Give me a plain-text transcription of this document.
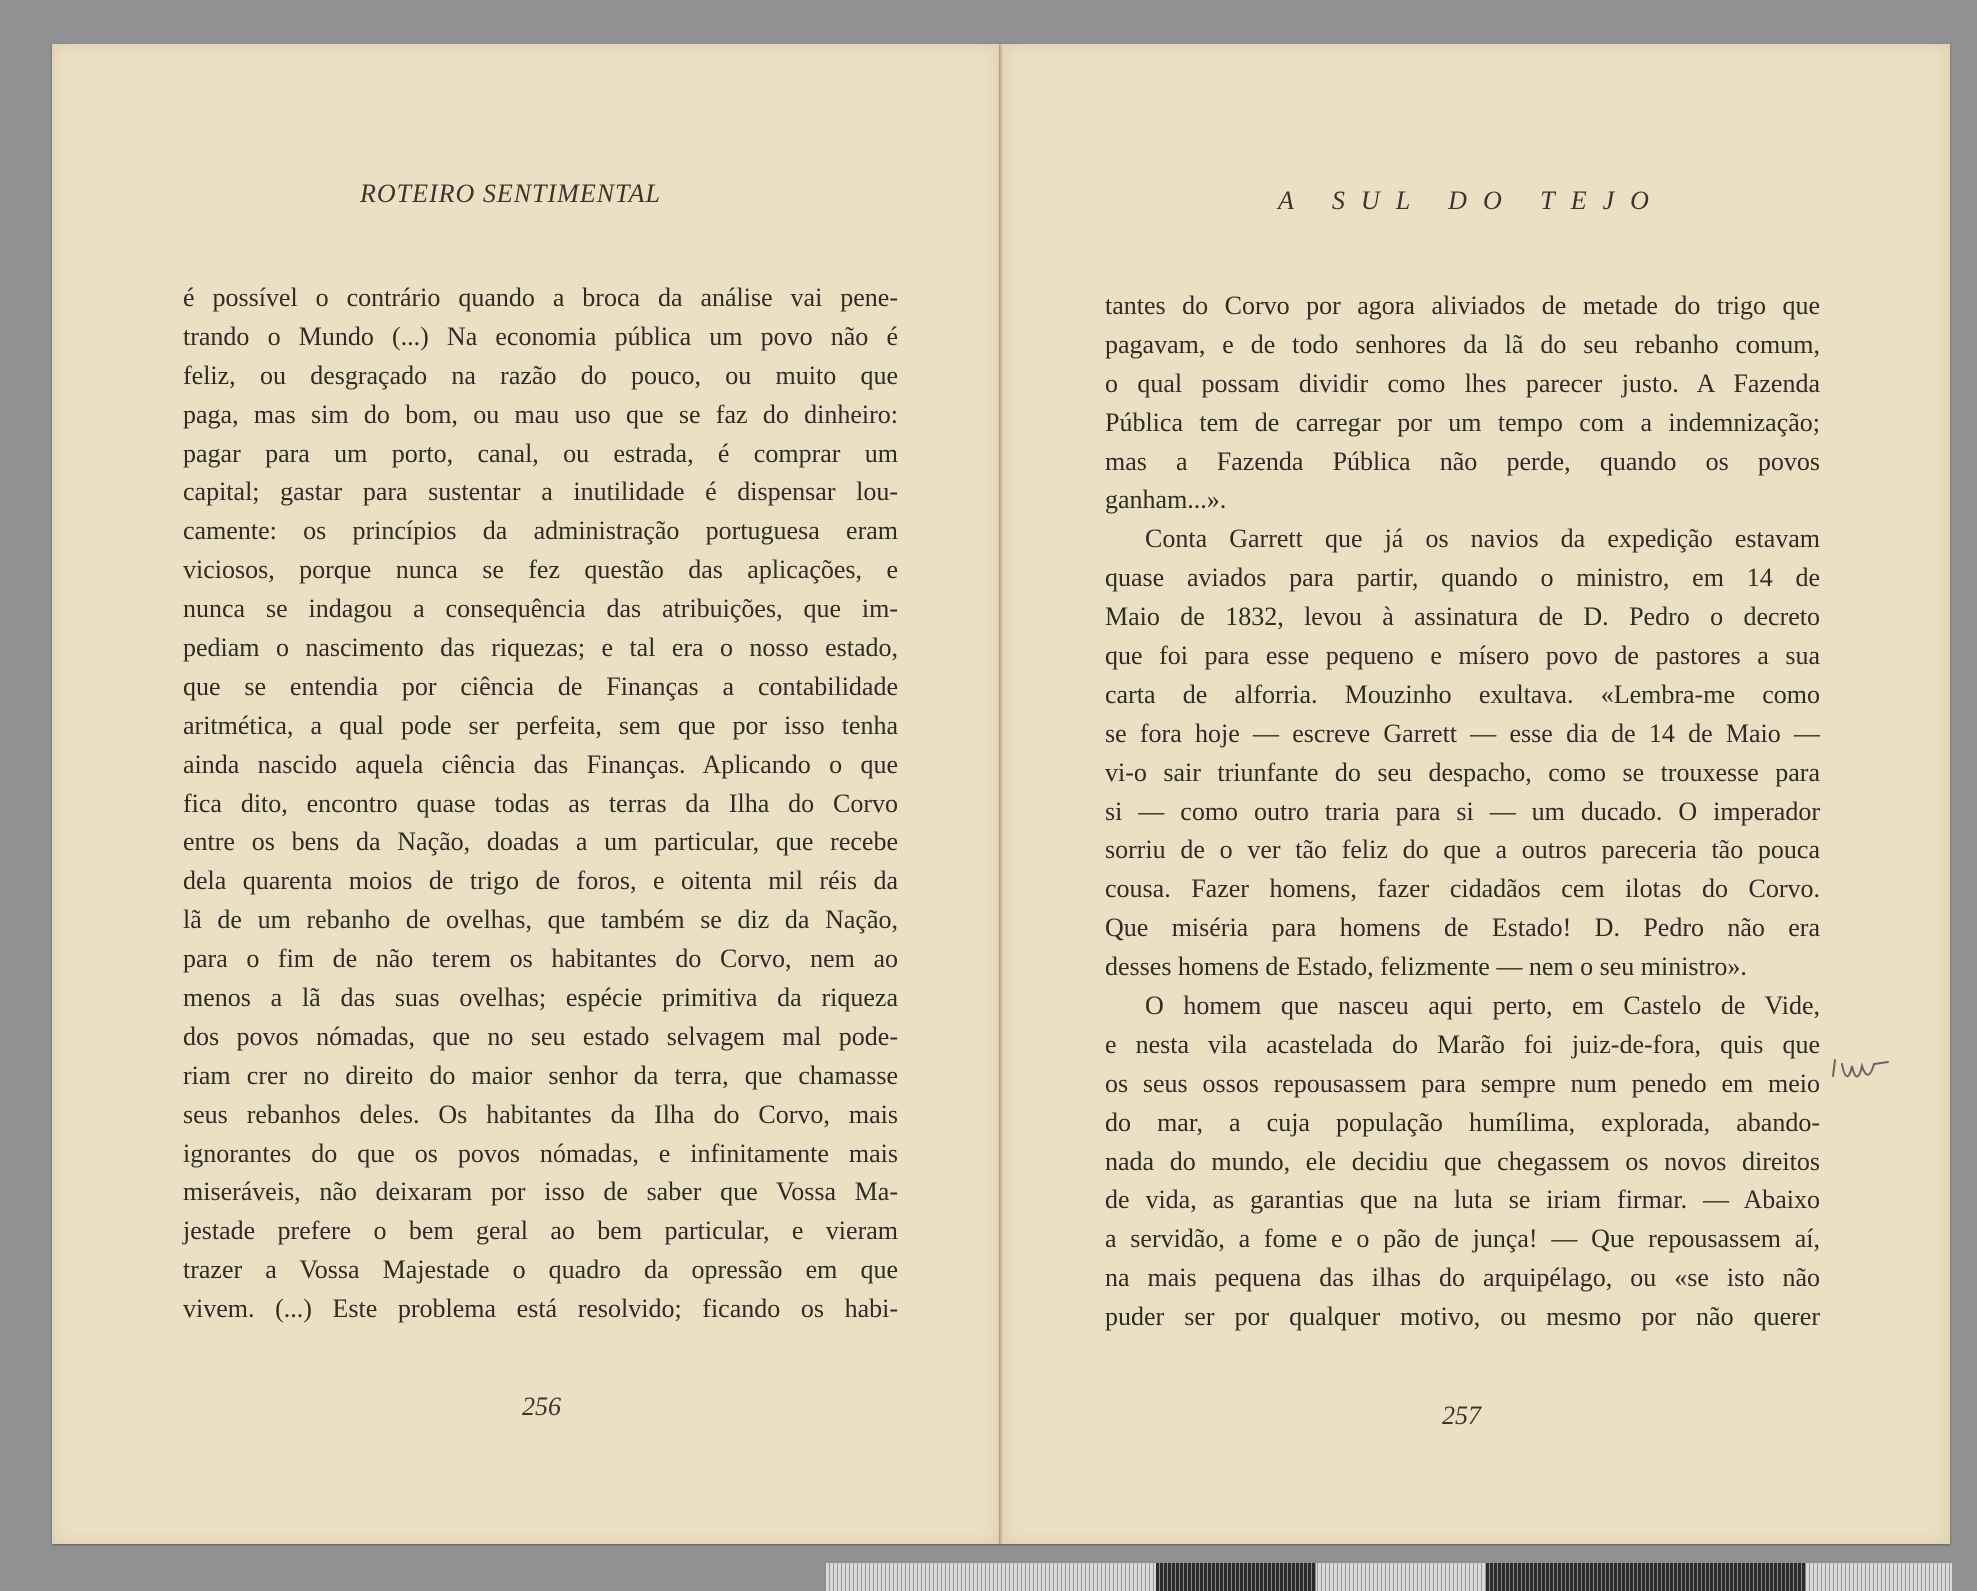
ROTEIRO SENTIMENTAL
é possível o contrário quando a broca da análise vai pene-
trando o Mundo (...) Na economia pública um povo não é
feliz, ou desgraçado na razão do pouco, ou muito que
paga, mas sim do bom, ou mau uso que se faz do dinheiro:
pagar para um porto, canal, ou estrada, é comprar um
capital; gastar para sustentar a inutilidade é dispensar lou-
camente: os princípios da administração portuguesa eram
viciosos, porque nunca se fez questão das aplicações, e
nunca se indagou a consequência das atribuições, que im-
pediam o nascimento das riquezas; e tal era o nosso estado,
que se entendia por ciência de Finanças a contabilidade
aritmética, a qual pode ser perfeita, sem que por isso tenha
ainda nascido aquela ciência das Finanças. Aplicando o que
fica dito, encontro quase todas as terras da Ilha do Corvo
entre os bens da Nação, doadas a um particular, que recebe
dela quarenta moios de trigo de foros, e oitenta mil réis da
lã de um rebanho de ovelhas, que também se diz da Nação,
para o fim de não terem os habitantes do Corvo, nem ao
menos a lã das suas ovelhas; espécie primitiva da riqueza
dos povos nómadas, que no seu estado selvagem mal pode-
riam crer no direito do maior senhor da terra, que chamasse
seus rebanhos deles. Os habitantes da Ilha do Corvo, mais
ignorantes do que os povos nómadas, e infinitamente mais
miseráveis, não deixaram por isso de saber que Vossa Ma-
jestade prefere o bem geral ao bem particular, e vieram
trazer a Vossa Majestade o quadro da opressão em que
vivem. (...) Este problema está resolvido; ficando os habi-
256
A SUL DO TEJO
tantes do Corvo por agora aliviados de metade do trigo que
pagavam, e de todo senhores da lã do seu rebanho comum,
o qual possam dividir como lhes parecer justo. A Fazenda
Pública tem de carregar por um tempo com a indemnização;
mas a Fazenda Pública não perde, quando os povos
ganham...».
Conta Garrett que já os navios da expedição estavam
quase aviados para partir, quando o ministro, em 14 de
Maio de 1832, levou à assinatura de D. Pedro o decreto
que foi para esse pequeno e mísero povo de pastores a sua
carta de alforria. Mouzinho exultava. «Lembra-me como
se fora hoje — escreve Garrett — esse dia de 14 de Maio —
vi-o sair triunfante do seu despacho, como se trouxesse para
si — como outro traria para si — um ducado. O imperador
sorriu de o ver tão feliz do que a outros pareceria tão pouca
cousa. Fazer homens, fazer cidadãos cem ilotas do Corvo.
Que miséria para homens de Estado! D. Pedro não era
desses homens de Estado, felizmente — nem o seu ministro».
O homem que nasceu aqui perto, em Castelo de Vide,
e nesta vila acastelada do Marão foi juiz-de-fora, quis que
os seus ossos repousassem para sempre num penedo em meio
do mar, a cuja população humílima, explorada, abando-
nada do mundo, ele decidiu que chegassem os novos direitos
de vida, as garantias que na luta se iriam firmar. — Abaixo
a servidão, a fome e o pão de junça! — Que repousassem aí,
na mais pequena das ilhas do arquipélago, ou «se isto não
puder ser por qualquer motivo, ou mesmo por não querer
257
